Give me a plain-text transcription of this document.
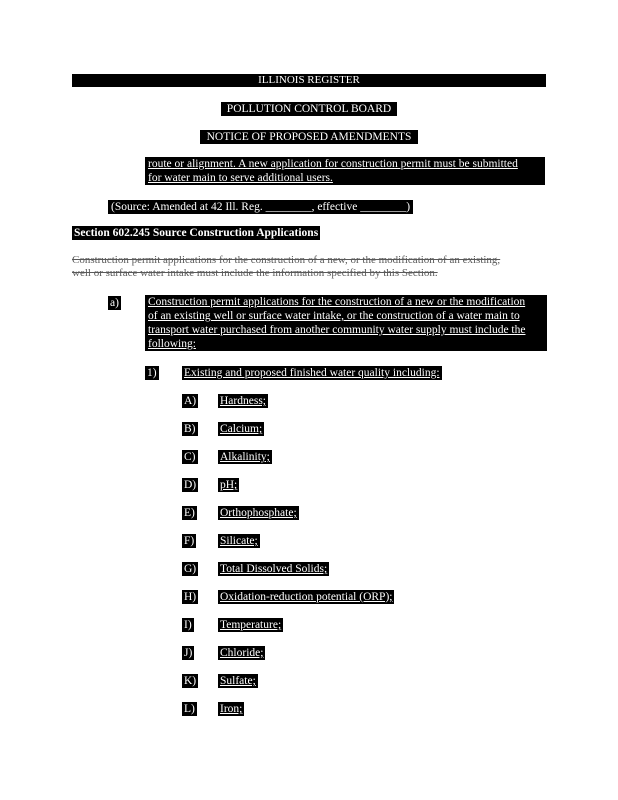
ILLINOIS REGISTER
POLLUTION CONTROL BOARD
NOTICE OF PROPOSED AMENDMENTS
route or alignment. A new application for construction permit must be submitted
for water main to serve additional users.
(Source: Amended at 42 Ill. Reg. ________, effective ________)
Section 602.245 Source Construction Applications
Construction permit applications for the construction of a new, or the modification of an existing,
well or surface water intake must include the information specified by this Section.
a)	Construction permit applications for the construction of a new or the modification
of an existing well or surface water intake, or the construction of a water main to
transport water purchased from another community water supply must include the
following:
1) Existing and proposed finished water quality including:
A) Hardness;
B) Calcium;
C) Alkalinity;
D) pH;
E) Orthophosphate;
F) Silicate;
G) Total Dissolved Solids;
H) Oxidation-reduction potential (ORP);
I) Temperature;
J) Chloride;
K) Sulfate;
L) Iron;
